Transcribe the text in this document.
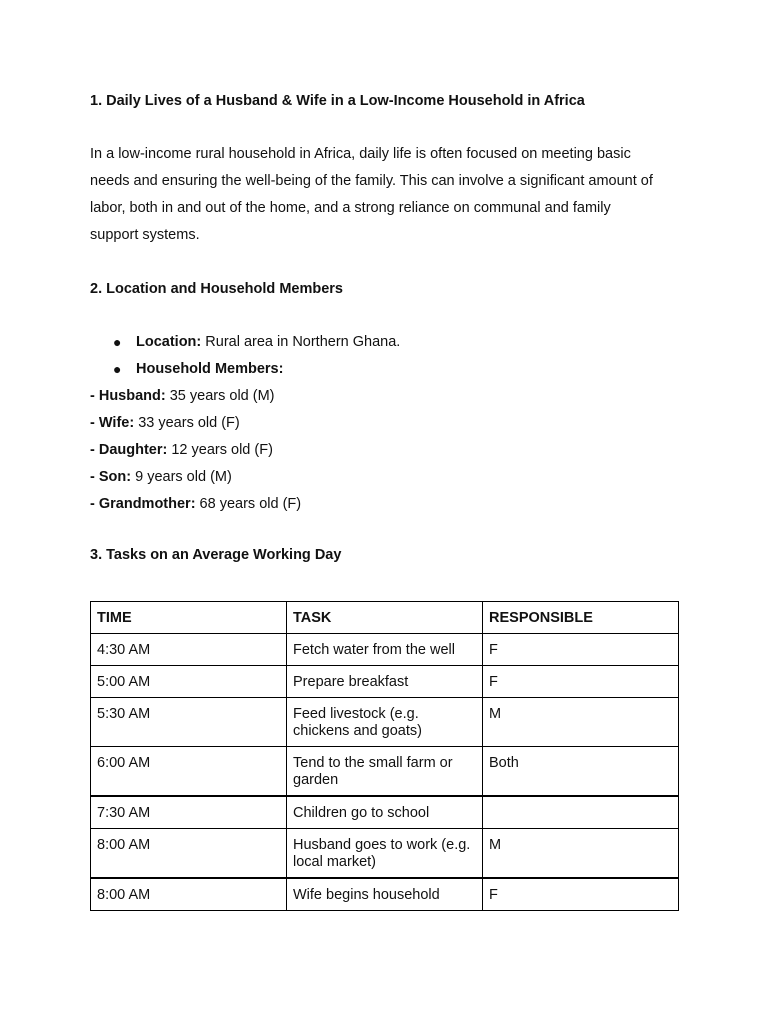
1. Daily Lives of a Husband & Wife in a Low-Income Household in Africa
In a low-income rural household in Africa, daily life is often focused on meeting basic
needs and ensuring the well-being of the family. This can involve a significant amount of
labor, both in and out of the home, and a strong reliance on communal and family
support systems.
2. Location and Household Members
● Location: Rural area in Northern Ghana.
● Household Members:
- Husband: 35 years old (M)
- Wife: 33 years old (F)
- Daughter: 12 years old (F)
- Son: 9 years old (M)
- Grandmother: 68 years old (F)
3. Tasks on an Average Working Day
TIME	TASK	RESPONSIBLE
4:30 AM	Fetch water from the well	F
5:00 AM	Prepare breakfast	F
5:30 AM	Feed livestock (e.g. chickens and goats)	M
6:00 AM	Tend to the small farm or garden	Both
7:30 AM	Children go to school	
8:00 AM	Husband goes to work (e.g. local market)	M
8:00 AM	Wife begins household	F
